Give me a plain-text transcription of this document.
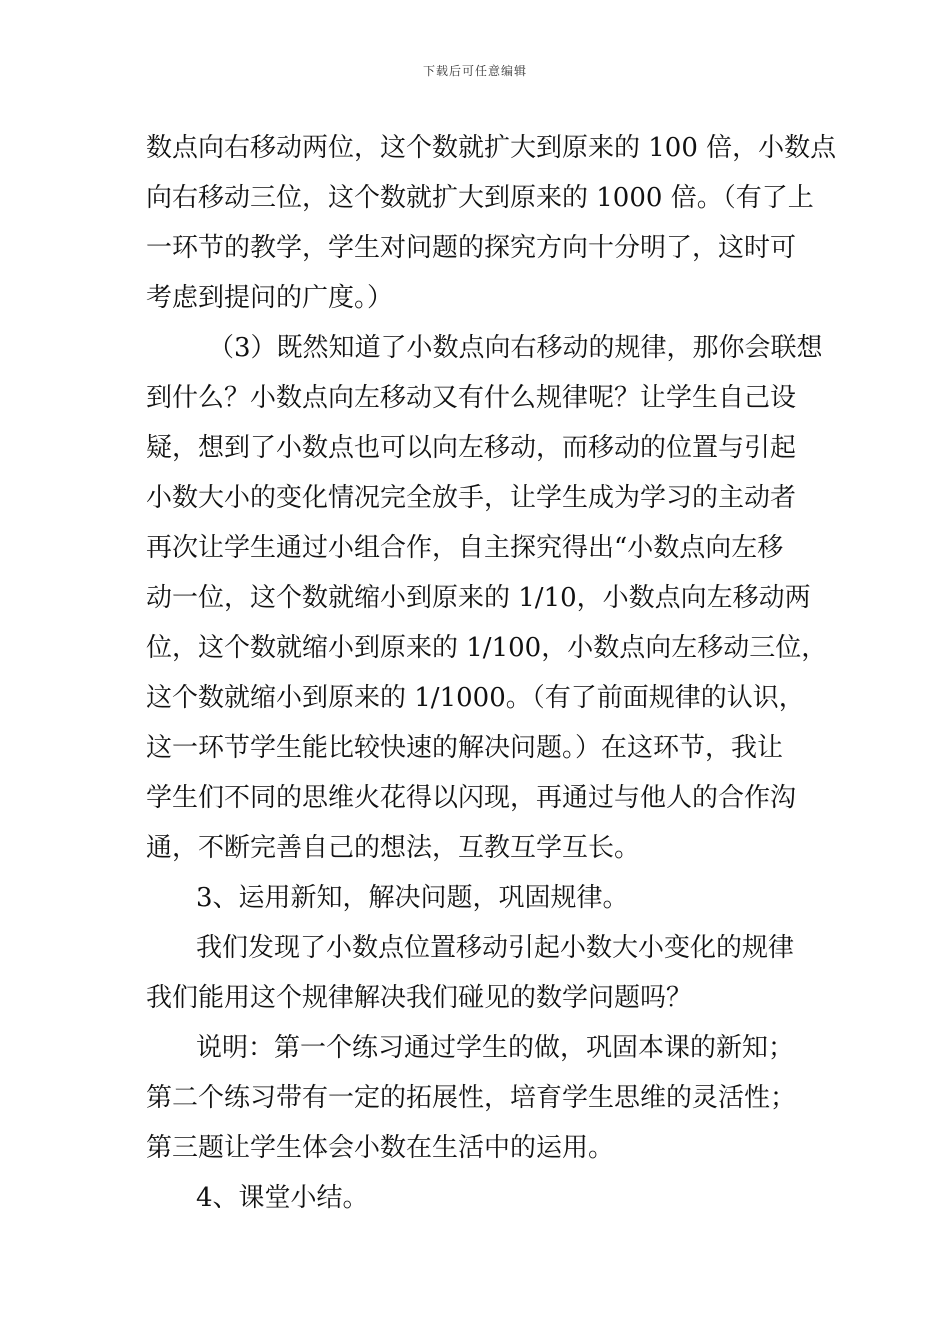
下载后可任意编辑
数点向右移动两位，这个数就扩大到原来的 100 倍，小数点
向右移动三位，这个数就扩大到原来的 1000 倍。（有了上
一环节的教学，学生对问题的探究方向十分明了，这时可
考虑到提问的广度。）
（3）既然知道了小数点向右移动的规律，那你会联想
到什么？小数点向左移动又有什么规律呢？让学生自己设
疑，想到了小数点也可以向左移动，而移动的位置与引起
小数大小的变化情况完全放手，让学生成为学习的主动者
再次让学生通过小组合作，自主探究得出“小数点向左移
动一位，这个数就缩小到原来的 1/10，小数点向左移动两
位，这个数就缩小到原来的 1/100，小数点向左移动三位，
这个数就缩小到原来的 1/1000。（有了前面规律的认识，
这一环节学生能比较快速的解决问题。）在这环节，我让
学生们不同的思维火花得以闪现，再通过与他人的合作沟
通，不断完善自己的想法，互教互学互长。
3、运用新知，解决问题，巩固规律。
我们发现了小数点位置移动引起小数大小变化的规律
我们能用这个规律解决我们碰见的数学问题吗？
说明：第一个练习通过学生的做，巩固本课的新知；
第二个练习带有一定的拓展性，培育学生思维的灵活性；
第三题让学生体会小数在生活中的运用。
4、课堂小结。
